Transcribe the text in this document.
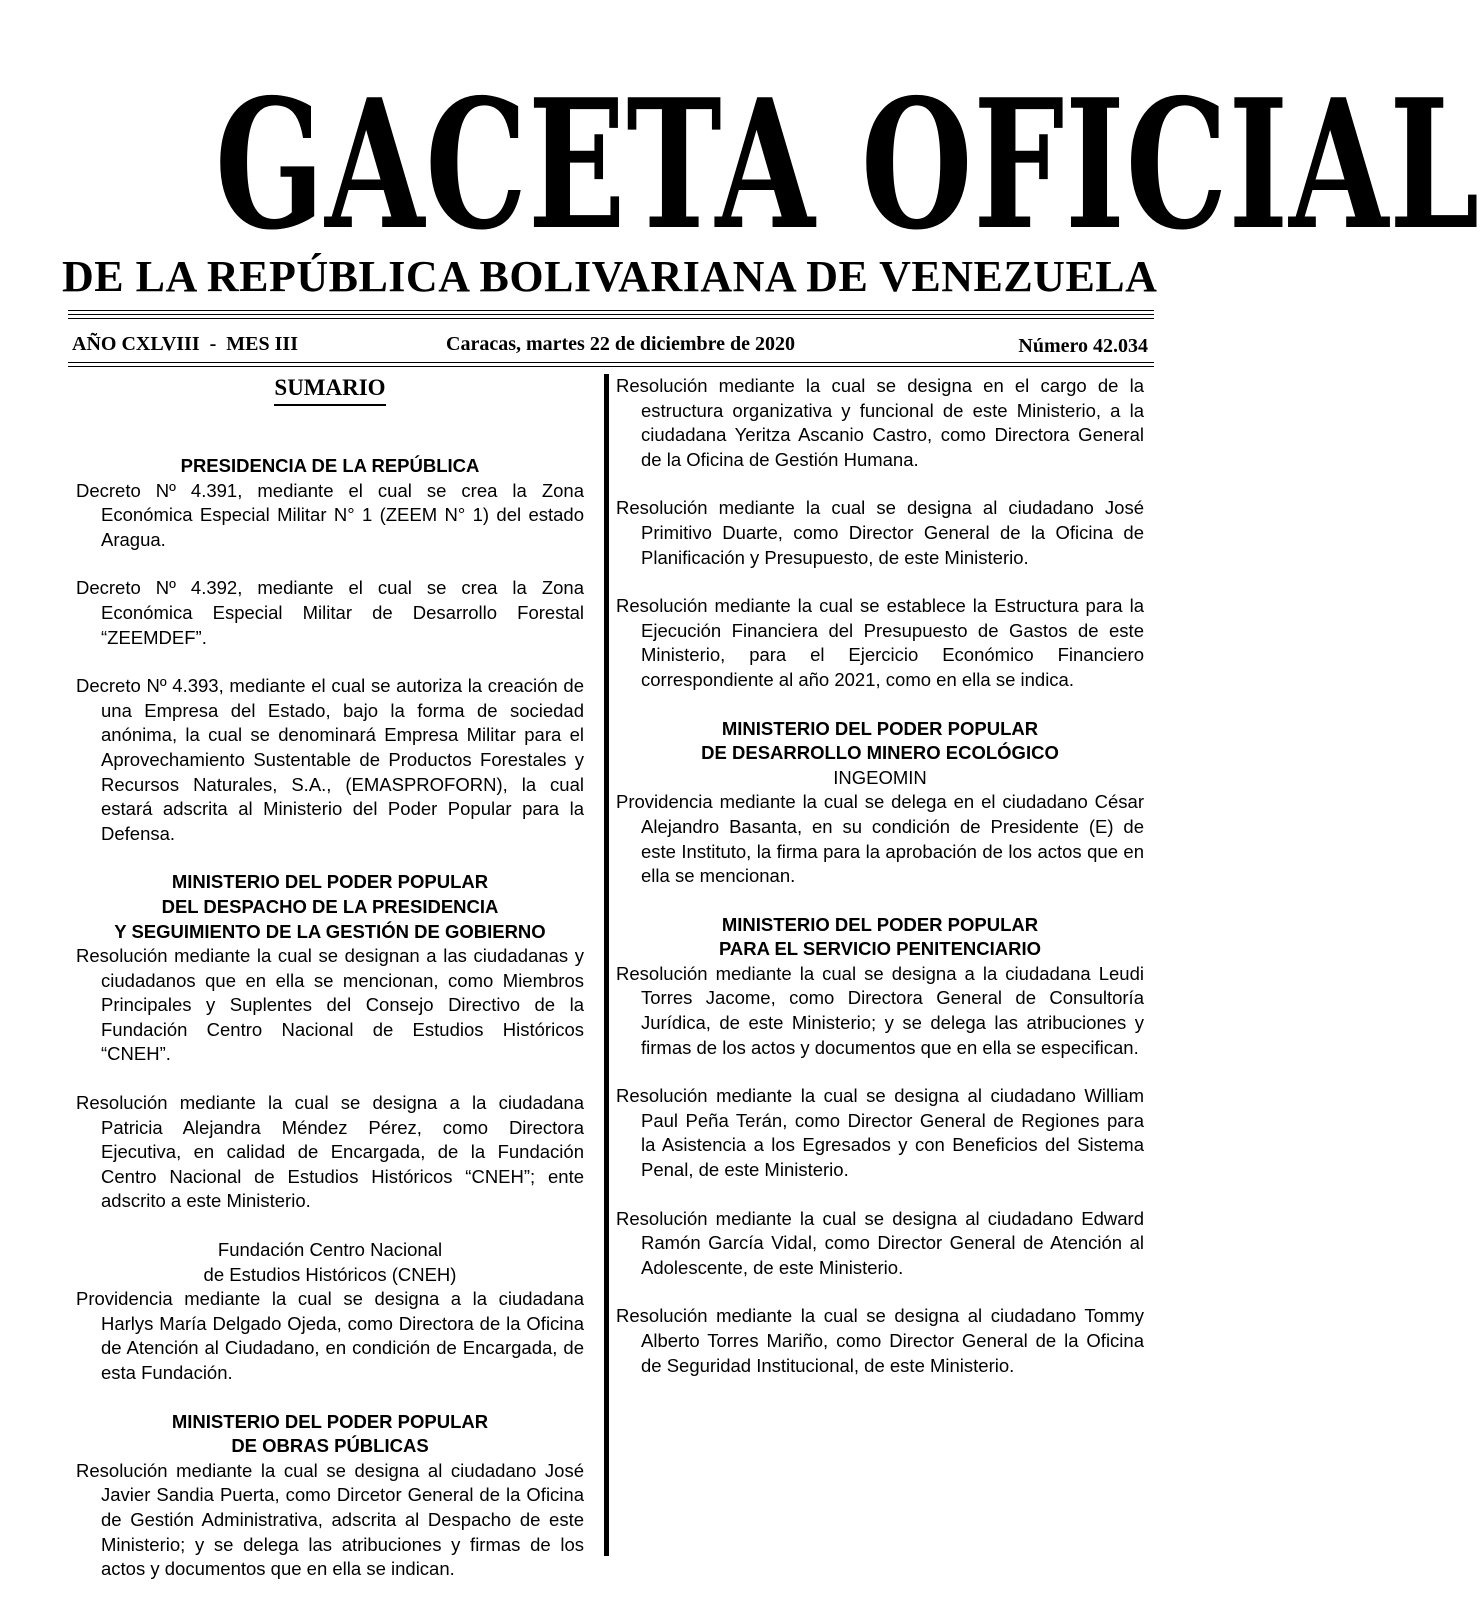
GACETA OFICIAL
DE LA REPÚBLICA BOLIVARIANA DE VENEZUELA
AÑO CXLVIII  -  MES III	Caracas, martes 22 de diciembre de 2020	Número 42.034
SUMARIO

PRESIDENCIA DE LA REPÚBLICA

Decreto Nº 4.391, mediante el cual se crea la Zona Económica Especial Militar N° 1 (ZEEM N° 1) del estado Aragua.

Decreto Nº 4.392, mediante el cual se crea la Zona Económica Especial Militar de Desarrollo Forestal “ZEEMDEF”.

Decreto Nº 4.393, mediante el cual se autoriza la creación de una Empresa del Estado, bajo la forma de sociedad anónima, la cual se denominará Empresa Militar para el Aprovechamiento Sustentable de Productos Forestales y Recursos Naturales, S.A., (EMASPROFORN), la cual estará adscrita al Ministerio del Poder Popular para la Defensa.

MINISTERIO DEL PODER POPULAR

DEL DESPACHO DE LA PRESIDENCIA

Y SEGUIMIENTO DE LA GESTIÓN DE GOBIERNO

Resolución mediante la cual se designan a las ciudadanas y ciudadanos que en ella se mencionan, como Miembros Principales y Suplentes del Consejo Directivo de la Fundación Centro Nacional de Estudios Históricos “CNEH”.

Resolución mediante la cual se designa a la ciudadana Patricia Alejandra Méndez Pérez, como Directora Ejecutiva, en calidad de Encargada, de la Fundación Centro Nacional de Estudios Históricos “CNEH”; ente adscrito a este Ministerio.

Fundación Centro Nacional

de Estudios Históricos (CNEH)

Providencia mediante la cual se designa a la ciudadana Harlys María Delgado Ojeda, como Directora de la Oficina de Atención al Ciudadano, en condición de Encargada, de esta Fundación.

MINISTERIO DEL PODER POPULAR

DE OBRAS PÚBLICAS

Resolución mediante la cual se designa al ciudadano José Javier Sandia Puerta, como Dircetor General de la Oficina de Gestión Administrativa, adscrita al Despacho de este Ministerio; y se delega las atribuciones y firmas de los actos y documentos que en ella se indican.

Resolución mediante la cual se designa en el cargo de la estructura organizativa y funcional de este Ministerio, a la ciudadana Yeritza Ascanio Castro, como Directora General de la Oficina de Gestión Humana.

Resolución mediante la cual se designa al ciudadano José Primitivo Duarte, como Director General de la Oficina de Planificación y Presupuesto, de este Ministerio.

Resolución mediante la cual se establece la Estructura para la Ejecución Financiera del Presupuesto de Gastos de este Ministerio, para el Ejercicio Económico Financiero correspondiente al año 2021, como en ella se indica.

MINISTERIO DEL PODER POPULAR

DE DESARROLLO MINERO ECOLÓGICO

INGEOMIN

Providencia mediante la cual se delega en el ciudadano César Alejandro Basanta, en su condición de Presidente (E) de este Instituto, la firma para la aprobación de los actos que en ella se mencionan.

MINISTERIO DEL PODER POPULAR

PARA EL SERVICIO PENITENCIARIO

Resolución mediante la cual se designa a la ciudadana Leudi Torres Jacome, como Directora General de Consultoría Jurídica, de este Ministerio; y se delega las atribuciones y firmas de los actos y documentos que en ella se especifican.

Resolución mediante la cual se designa al ciudadano William Paul Peña Terán, como Director General de Regiones para la Asistencia a los Egresados y con Beneficios del Sistema Penal, de este Ministerio.

Resolución mediante la cual se designa al ciudadano Edward Ramón García Vidal, como Director General de Atención al Adolescente, de este Ministerio.

Resolución mediante la cual se designa al ciudadano Tommy Alberto Torres Mariño, como Director General de la Oficina de Seguridad Institucional, de este Ministerio.
